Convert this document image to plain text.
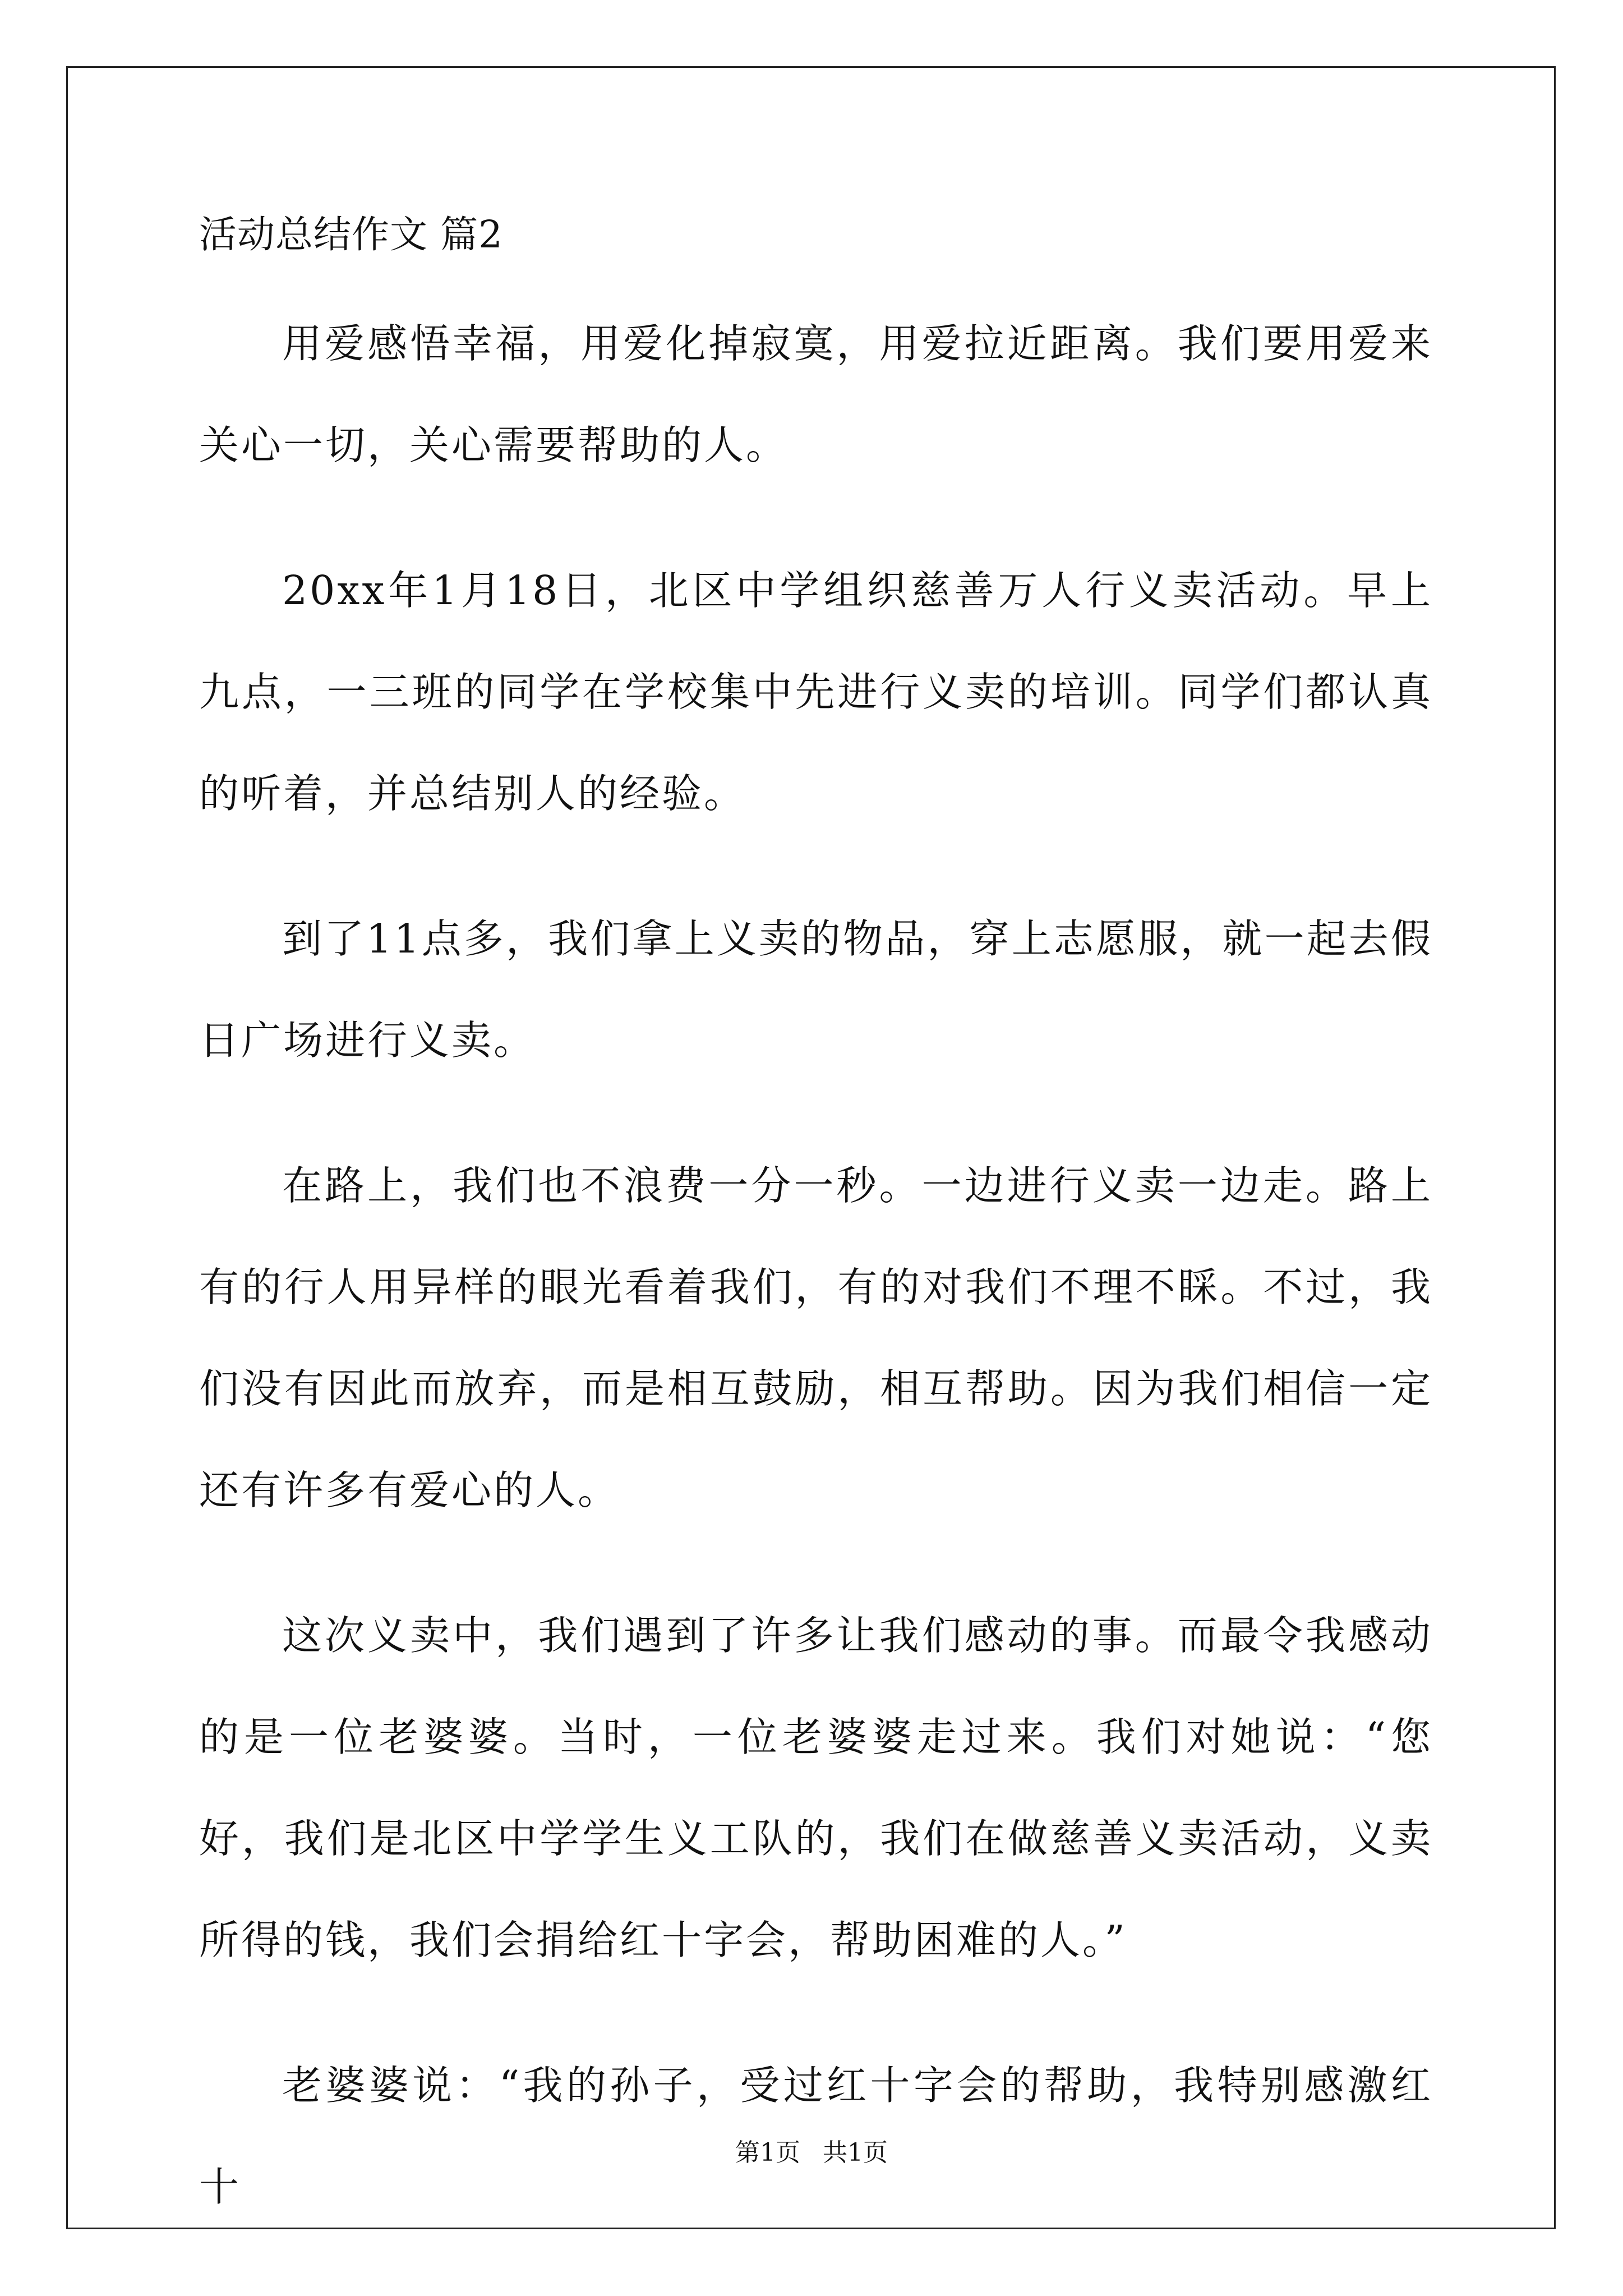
活动总结作文 篇2

用爱感悟幸福，用爱化掉寂寞，用爱拉近距离。我们要用爱来关心一切，关心需要帮助的人。

20xx年1月18日，北区中学组织慈善万人行义卖活动。早上九点，一三班的同学在学校集中先进行义卖的培训。同学们都认真的听着，并总结别人的经验。

到了11点多，我们拿上义卖的物品，穿上志愿服，就一起去假日广场进行义卖。

在路上，我们也不浪费一分一秒。一边进行义卖一边走。路上有的行人用异样的眼光看着我们，有的对我们不理不睬。不过，我们没有因此而放弃，而是相互鼓励，相互帮助。因为我们相信一定还有许多有爱心的人。

这次义卖中，我们遇到了许多让我们感动的事。而最令我感动的是一位老婆婆。当时，一位老婆婆走过来。我们对她说：“您好，我们是北区中学学生义工队的，我们在做慈善义卖活动，义卖所得的钱，我们会捐给红十字会，帮助困难的人。”

老婆婆说：“我的孙子，受过红十字会的帮助，我特别感激红十

第1页 共1页
